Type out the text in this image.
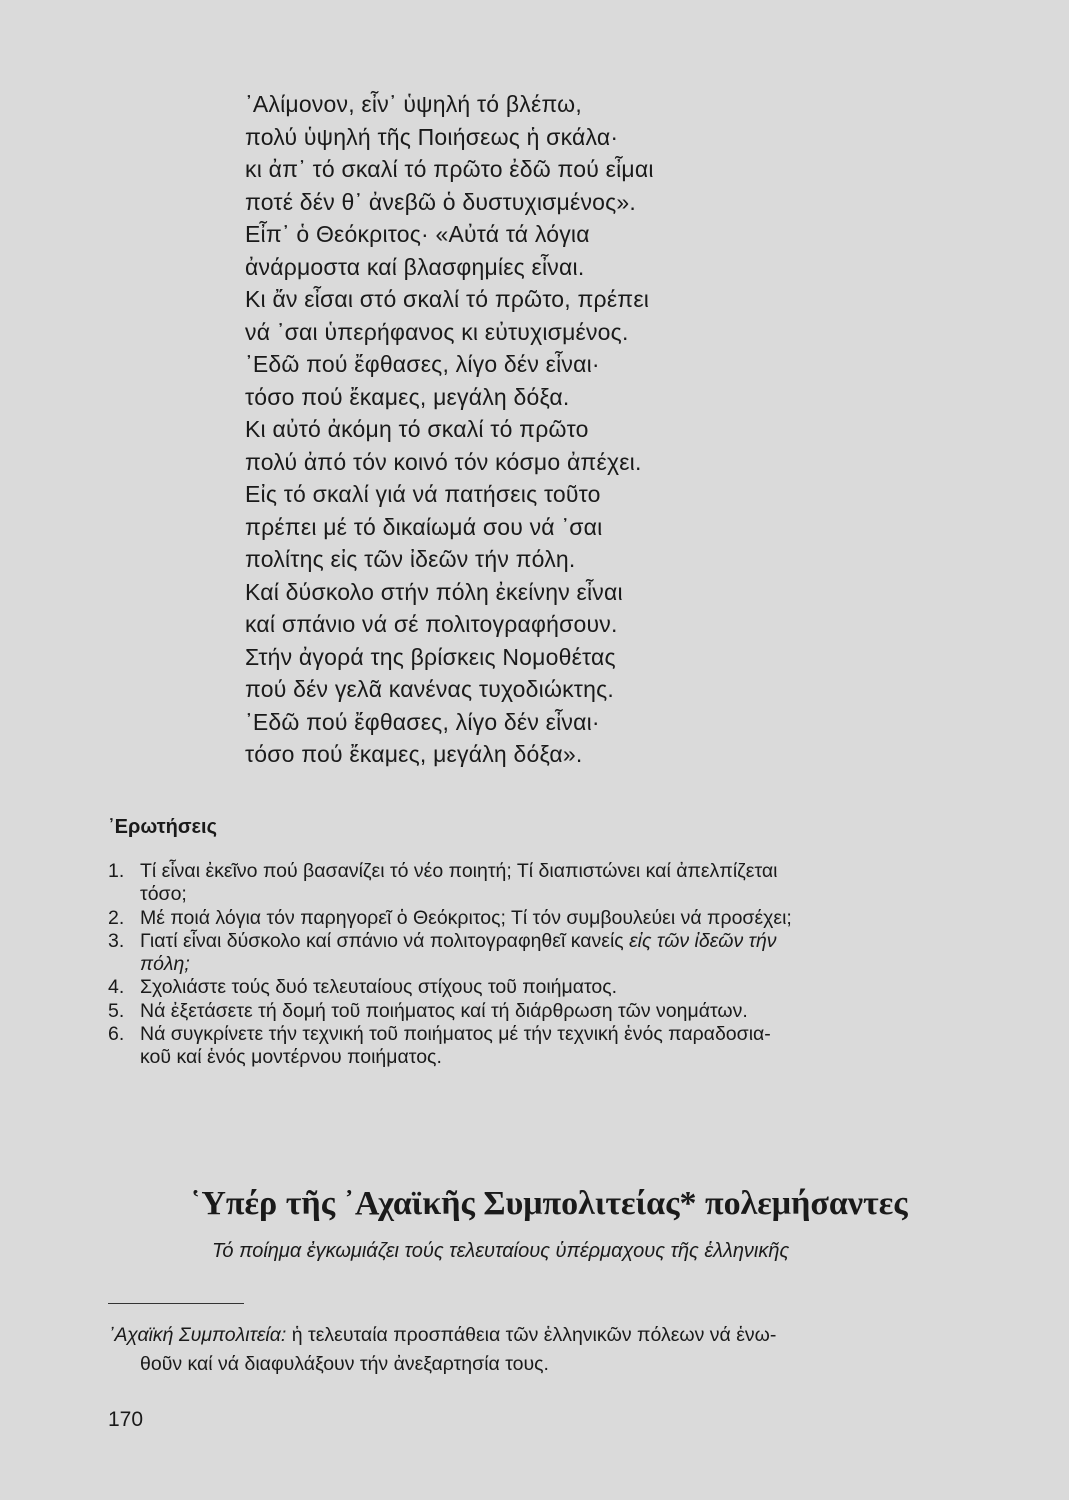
᾿Αλίμονον, εἶν᾿ ὑψηλή τό βλέπω,
πολύ ὑψηλή τῆς Ποιήσεως ἡ σκάλα·
κι ἀπ᾿ τό σκαλί τό πρῶτο ἐδῶ πού εἶμαι
ποτέ δέν θ᾿ ἀνεβῶ ὁ δυστυχισμένος».
Εἶπ᾿ ὁ Θεόκριτος· «Αὐτά τά λόγια
ἀνάρμοστα καί βλασφημίες εἶναι.
Κι ἄν εἶσαι στό σκαλί τό πρῶτο, πρέπει
νά ᾿σαι ὑπερήφανος κι εὐτυχισμένος.
᾿Εδῶ πού ἔφθασες, λίγο δέν εἶναι·
τόσο πού ἔκαμες, μεγάλη δόξα.
Κι αὐτό ἀκόμη τό σκαλί τό πρῶτο
πολύ ἀπό τόν κοινό τόν κόσμο ἀπέχει.
Εἰς τό σκαλί γιά νά πατήσεις τοῦτο
πρέπει μέ τό δικαίωμά σου νά ᾿σαι
πολίτης εἰς τῶν ἰδεῶν τήν πόλη.
Καί δύσκολο στήν πόλη ἐκείνην εἶναι
καί σπάνιο νά σέ πολιτογραφήσουν.
Στήν ἀγορά της βρίσκεις Νομοθέτας
πού δέν γελᾶ κανένας τυχοδιώκτης.
᾿Εδῶ πού ἔφθασες, λίγο δέν εἶναι·
τόσο πού ἔκαμες, μεγάλη δόξα».
᾿Ερωτήσεις
1. Τί εἶναι ἐκεῖνο πού βασανίζει τό νέο ποιητή; Τί διαπιστώνει καί ἀπελπίζεται
τόσο;
2. Μέ ποιά λόγια τόν παρηγορεῖ ὁ Θεόκριτος; Τί τόν συμβουλεύει νά προσέχει;
3. Γιατί εἶναι δύσκολο καί σπάνιο νά πολιτογραφηθεῖ κανείς εἰς τῶν ἰδεῶν τήν
πόλη;
4. Σχολιάστε τούς δυό τελευταίους στίχους τοῦ ποιήματος.
5. Νά ἐξετάσετε τή δομή τοῦ ποιήματος καί τή διάρθρωση τῶν νοημάτων.
6. Νά συγκρίνετε τήν τεχνική τοῦ ποιήματος μέ τήν τεχνική ἑνός παραδοσια-
κοῦ καί ἑνός μοντέρνου ποιήματος.
῾Υπέρ τῆς ᾿Αχαϊκῆς Συμπολιτείας* πολεμήσαντες
Τό ποίημα ἐγκωμιάζει τούς τελευταίους ὑπέρμαχους τῆς ἑλληνικῆς
᾿Αχαϊκή Συμπολιτεία: ἡ τελευταία προσπάθεια τῶν ἑλληνικῶν πόλεων νά ἑνω-
θοῦν καί νά διαφυλάξουν τήν ἀνεξαρτησία τους.
170
